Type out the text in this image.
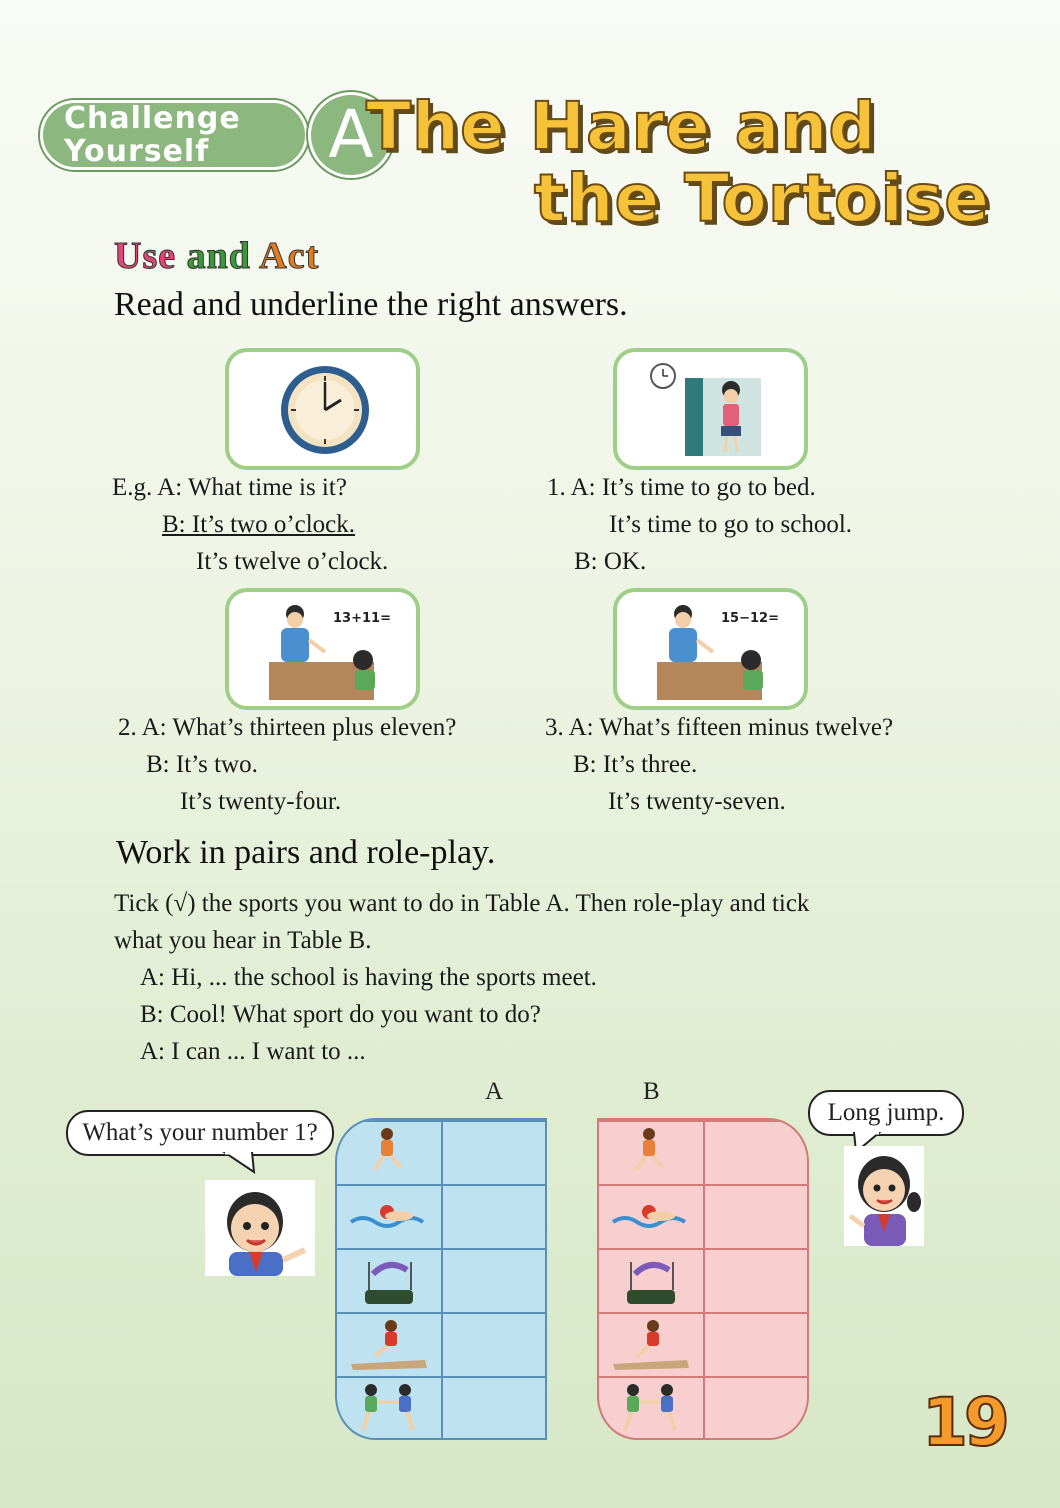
Challenge
Yourself	A
The Hare and
the Tortoise
Use and Act
Read and underline the right answers.
13+11=	15−12=
E.g. A: What time is it?
B: It’s two o’clock.
It’s twelve o’clock.
1. A: It’s time to go to bed.
It’s time to go to school.
B: OK.
2. A: What’s thirteen plus eleven?
B: It’s two.
It’s twenty-four.
3. A: What’s fifteen minus twelve?
B: It’s three.
It’s twenty-seven.
Work in pairs and role-play.
Tick (√) the sports you want to do in Table A. Then role-play and tick
what you hear in Table B.
A: Hi, ... the school is having the sports meet.
B: Cool! What sport do you want to do?
A: I can ... I want to ...
A	B
What’s your number 1?
Long jump.
19
